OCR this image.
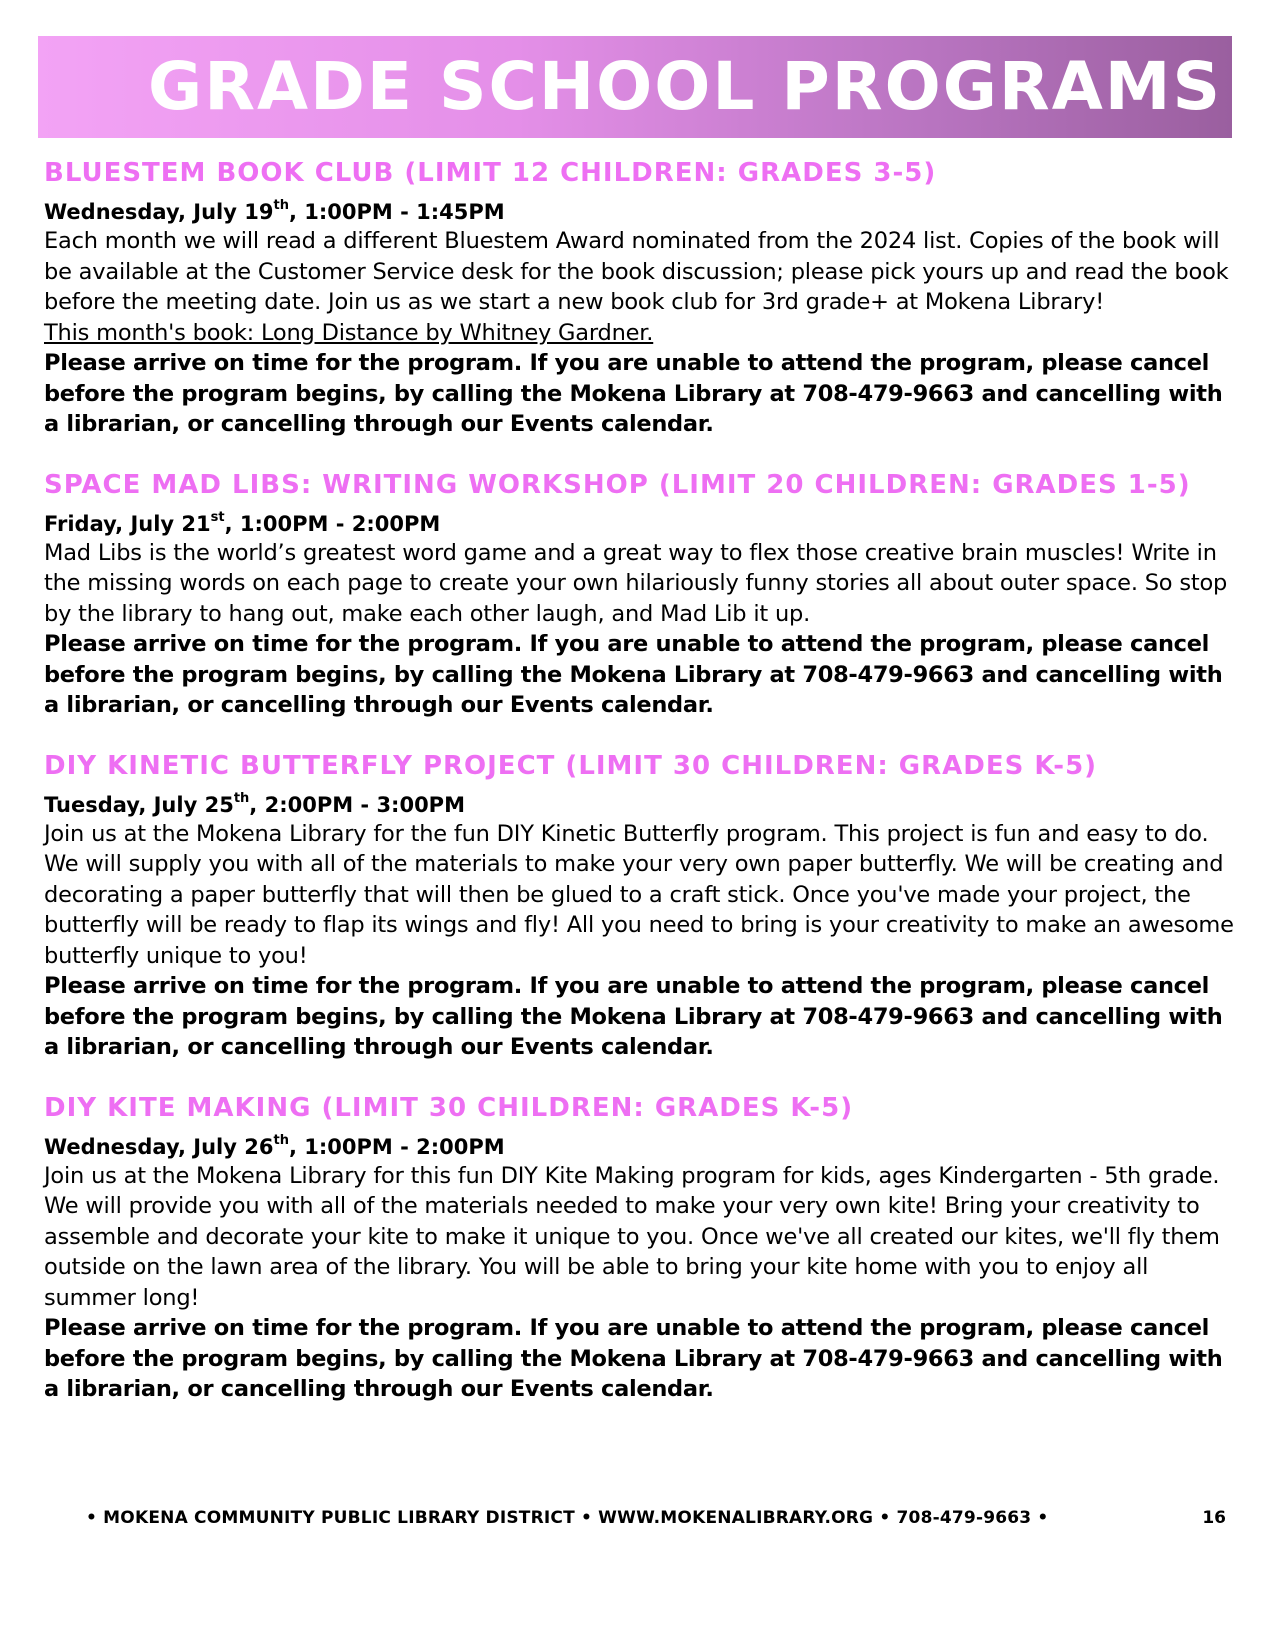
GRADE SCHOOL PROGRAMS
BLUESTEM BOOK CLUB (LIMIT 12 CHILDREN: GRADES 3-5)

Wednesday, July 19th, 1:00PM - 1:45PM

Each month we will read a different Bluestem Award nominated from the 2024 list. Copies of the book will be available at the Customer Service desk for the book discussion; please pick yours up and read the book before the meeting date. Join us as we start a new book club for 3rd grade+ at Mokena Library!

This month's book: Long Distance by Whitney Gardner.

Please arrive on time for the program. If you are unable to attend the program, please cancel before the program begins, by calling the Mokena Library at 708-479-9663 and cancelling with a librarian, or cancelling through our Events calendar.

SPACE MAD LIBS: WRITING WORKSHOP (LIMIT 20 CHILDREN: GRADES 1-5)

Friday, July 21st, 1:00PM - 2:00PM

Mad Libs is the world’s greatest word game and a great way to flex those creative brain muscles! Write in the missing words on each page to create your own hilariously funny stories all about outer space. So stop by the library to hang out, make each other laugh, and Mad Lib it up.

Please arrive on time for the program. If you are unable to attend the program, please cancel before the program begins, by calling the Mokena Library at 708-479-9663 and cancelling with a librarian, or cancelling through our Events calendar.

DIY KINETIC BUTTERFLY PROJECT (LIMIT 30 CHILDREN: GRADES K-5)

Tuesday, July 25th, 2:00PM - 3:00PM

Join us at the Mokena Library for the fun DIY Kinetic Butterfly program. This project is fun and easy to do. We will supply you with all of the materials to make your very own paper butterfly. We will be creating and decorating a paper butterfly that will then be glued to a craft stick. Once you've made your project, the butterfly will be ready to flap its wings and fly! All you need to bring is your creativity to make an awesome butterfly unique to you!

Please arrive on time for the program. If you are unable to attend the program, please cancel before the program begins, by calling the Mokena Library at 708-479-9663 and cancelling with a librarian, or cancelling through our Events calendar.

DIY KITE MAKING (LIMIT 30 CHILDREN: GRADES K-5)

Wednesday, July 26th, 1:00PM - 2:00PM

Join us at the Mokena Library for this fun DIY Kite Making program for kids, ages Kindergarten - 5th grade. We will provide you with all of the materials needed to make your very own kite! Bring your creativity to assemble and decorate your kite to make it unique to you. Once we've all created our kites, we'll fly them outside on the lawn area of the library. You will be able to bring your kite home with you to enjoy all summer long!

Please arrive on time for the program. If you are unable to attend the program, please cancel before the program begins, by calling the Mokena Library at 708-479-9663 and cancelling with a librarian, or cancelling through our Events calendar.

• MOKENA COMMUNITY PUBLIC LIBRARY DISTRICT • WWW.MOKENALIBRARY.ORG • 708-479-9663 •	16
